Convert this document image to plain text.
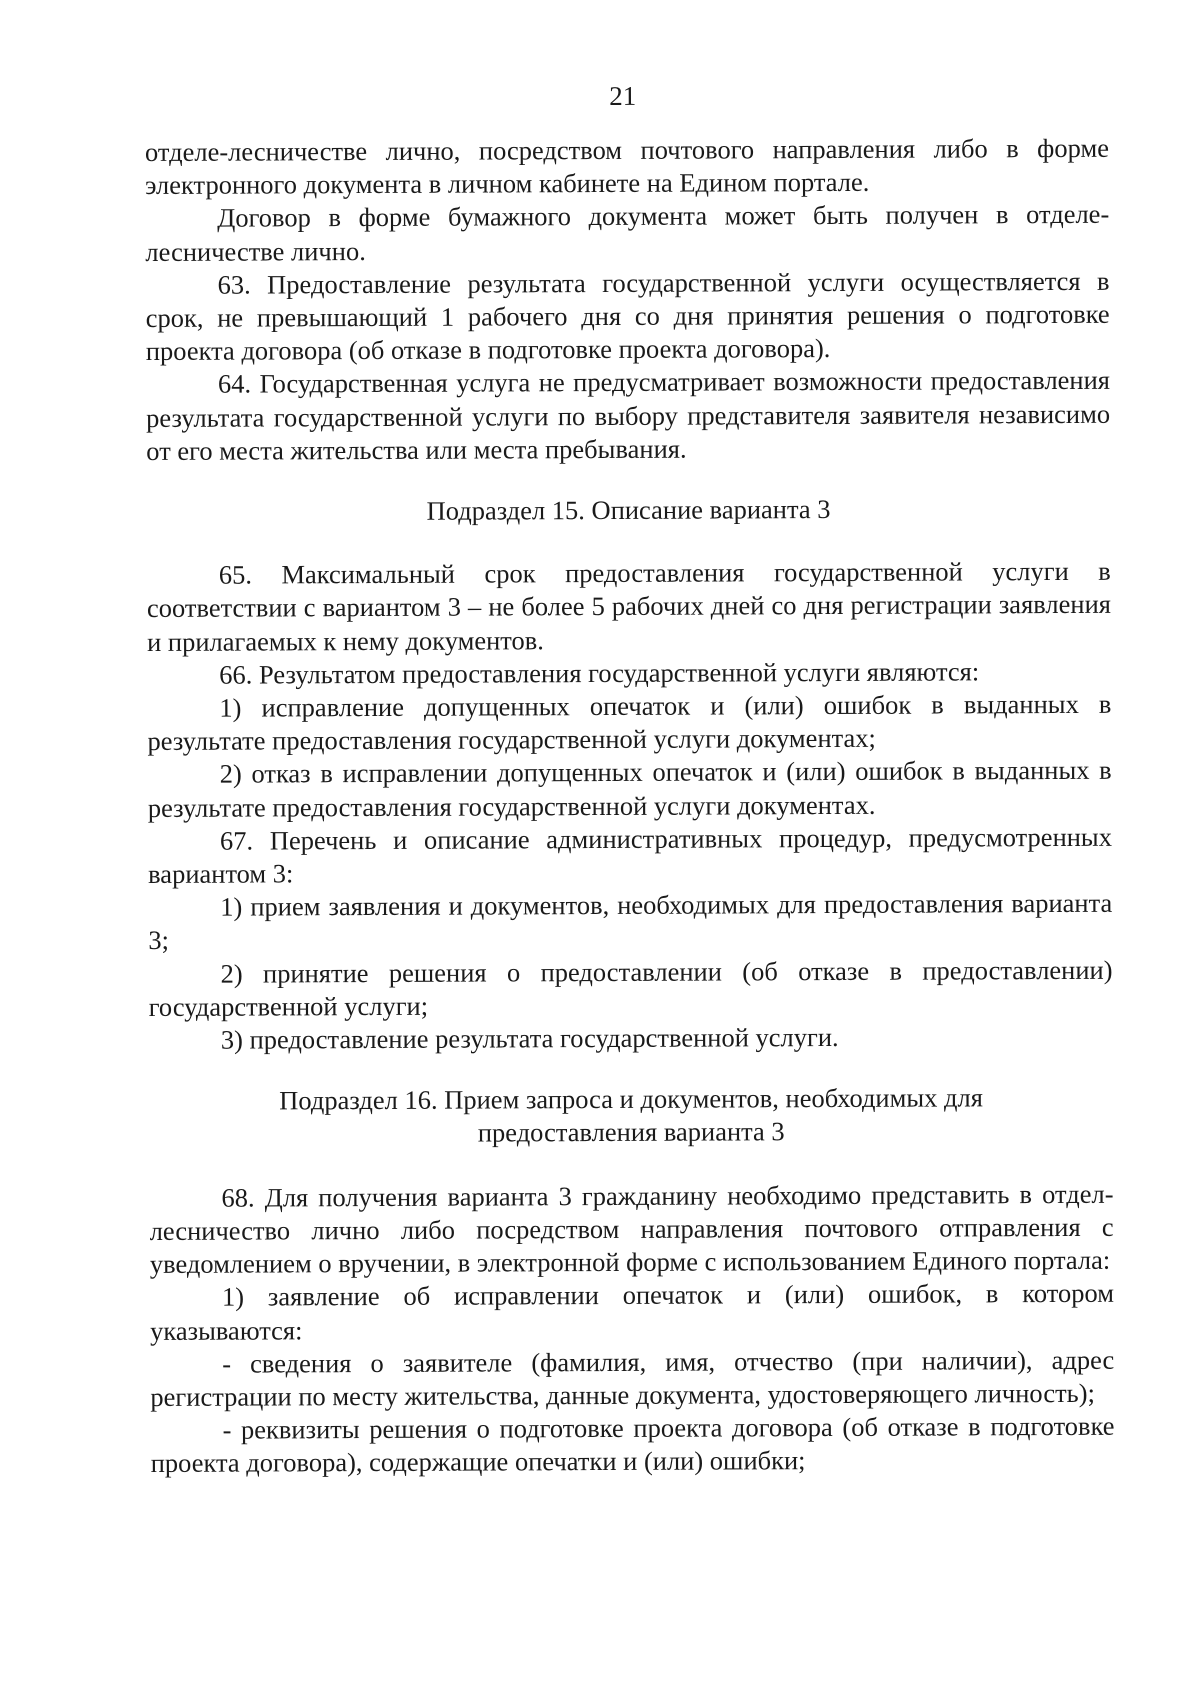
21

отделе-лесничестве лично, посредством почтового направления либо в форме электронного документа в личном кабинете на Едином портале.

Договор в форме бумажного документа может быть получен в отделе-лесничестве лично.

63. Предоставление результата государственной услуги осуществляется в срок, не превышающий 1 рабочего дня со дня принятия решения о подготовке проекта договора (об отказе в подготовке проекта договора).

64. Государственная услуга не предусматривает возможности предоставления результата государственной услуги по выбору представителя заявителя независимо от его места жительства или места пребывания.

Подраздел 15. Описание варианта 3

65. Максимальный срок предоставления государственной услуги в соответствии с вариантом 3 – не более 5 рабочих дней со дня регистрации заявления и прилагаемых к нему документов.

66. Результатом предоставления государственной услуги являются:

1) исправление допущенных опечаток и (или) ошибок в выданных в результате предоставления государственной услуги документах;

2) отказ в исправлении допущенных опечаток и (или) ошибок в выданных в результате предоставления государственной услуги документах.

67. Перечень и описание административных процедур, предусмотренных вариантом 3:

1) прием заявления и документов, необходимых для предоставления варианта 3;

2) принятие решения о предоставлении (об отказе в предоставлении) государственной услуги;

3) предоставление результата государственной услуги.

Подраздел 16. Прием запроса и документов, необходимых для
предоставления варианта 3

68. Для получения варианта 3 гражданину необходимо представить в отдел-лесничество лично либо посредством направления почтового отправления с уведомлением о вручении, в электронной форме с использованием Единого портала:

1) заявление об исправлении опечаток и (или) ошибок, в котором указываются:

- сведения о заявителе (фамилия, имя, отчество (при наличии), адрес регистрации по месту жительства, данные документа, удостоверяющего личность);

- реквизиты решения о подготовке проекта договора (об отказе в подготовке проекта договора), содержащие опечатки и (или) ошибки;
